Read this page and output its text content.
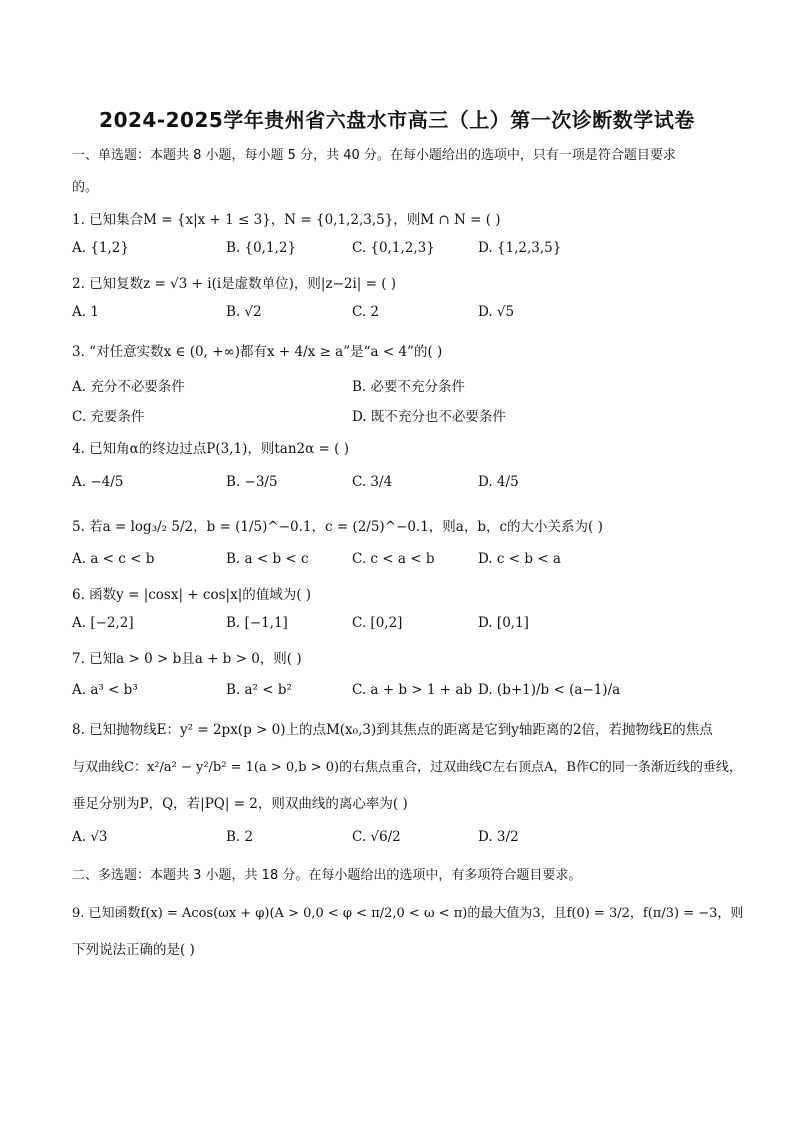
2024-2025学年贵州省六盘水市高三（上）第一次诊断数学试卷
一、单选题：本题共 8 小题，每小题 5 分，共 40 分。在每小题给出的选项中，只有一项是符合题目要求
的。
1. 已知集合M = {x|x + 1 ≤ 3}，N = {0,1,2,3,5}，则M ∩ N = ( )
A. {1,2}	B. {0,1,2}	C. {0,1,2,3}	D. {1,2,3,5}
2. 已知复数z = √3 + i(i是虚数单位)，则|z−2i| = ( )
A. 1	B. √2	C. 2	D. √5
3. “对任意实数x ∈ (0, +∞)都有x + 4/x ≥ a”是“a < 4”的( )
A. 充分不必要条件	B. 必要不充分条件
C. 充要条件	D. 既不充分也不必要条件
4. 已知角α的终边过点P(3,1)，则tan2α = ( )
A. −4/5	B. −3/5	C. 3/4	D. 4/5
5. 若a = log₃/₂ 5/2，b = (1/5)^−0.1，c = (2/5)^−0.1，则a，b，c的大小关系为( )
A. a < c < b	B. a < b < c	C. c < a < b	D. c < b < a
6. 函数y = |cosx| + cos|x|的值域为( )
A. [−2,2]	B. [−1,1]	C. [0,2]	D. [0,1]
7. 已知a > 0 > b且a + b > 0，则( )
A. a³ < b³	B. a² < b²	C. a + b > 1 + ab D. (b+1)/b < (a−1)/a
8. 已知抛物线E：y² = 2px(p > 0)上的点M(x₀,3)到其焦点的距离是它到y轴距离的2倍，若抛物线E的焦点
与双曲线C：x²/a² − y²/b² = 1(a > 0,b > 0)的右焦点重合，过双曲线C左右顶点A，B作C的同一条渐近线的垂线，
垂足分别为P，Q，若|PQ| = 2，则双曲线的离心率为( )
A. √3	B. 2	C. √6/2	D. 3/2
二、多选题：本题共 3 小题，共 18 分。在每小题给出的选项中，有多项符合题目要求。
9. 已知函数f(x) = Acos(ωx + φ)(A > 0,0 < φ < π/2,0 < ω < π)的最大值为3，且f(0) = 3/2，f(π/3) = −3，则
下列说法正确的是( )
